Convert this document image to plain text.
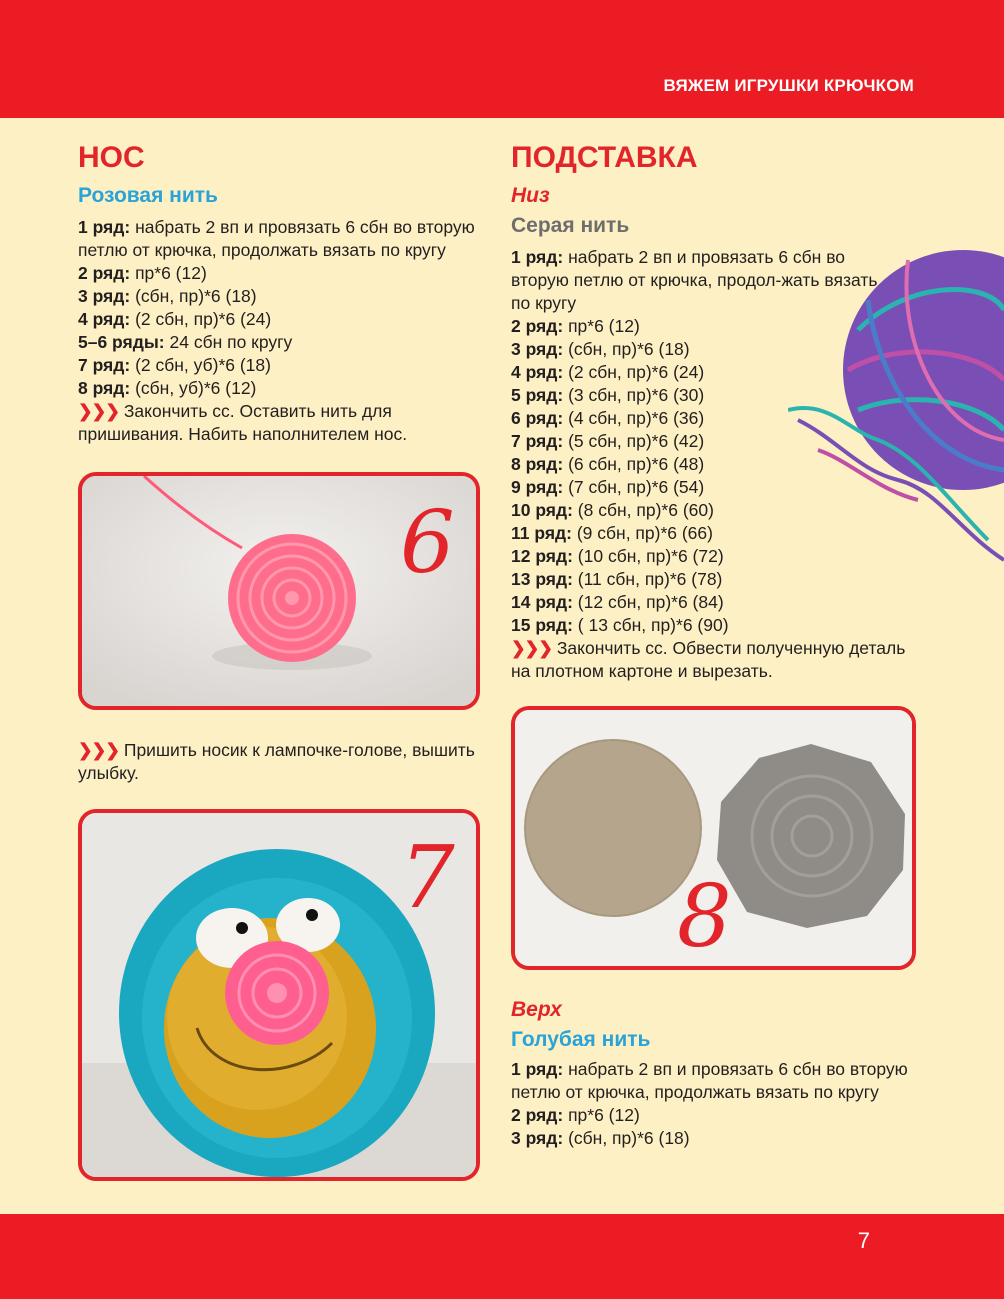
ВЯЖЕМ ИГРУШКИ КРЮЧКОМ
НОС
Розовая нить

1 ряд: набрать 2 вп и провязать 6 сбн во вторую петлю от крючка, продолжать вязать по кругу

2 ряд: пр*6 (12)

3 ряд: (сбн, пр)*6 (18)

4 ряд: (2 сбн, пр)*6 (24)

5–6 ряды: 24 сбн по кругу

7 ряд: (2 сбн, уб)*6 (18)

8 ряд: (сбн, уб)*6 (12)

❯❯❯ Закончить сс. Оставить нить для пришивания. Набить наполнителем нос.

6

❯❯❯ Пришить носик к лампочке-голове, вышить улыбку.

7
ПОДСТАВКА
Низ
Серая нить

1 ряд: набрать 2 вп и провязать 6 сбн во вторую петлю от крючка, продол-жать вязать по кругу

2 ряд: пр*6 (12)

3 ряд: (сбн, пр)*6 (18)

4 ряд: (2 сбн, пр)*6 (24)

5 ряд: (3 сбн, пр)*6 (30)

6 ряд: (4 сбн, пр)*6 (36)

7 ряд: (5 сбн, пр)*6 (42)

8 ряд: (6 сбн, пр)*6 (48)

9 ряд: (7 сбн, пр)*6 (54)

10 ряд: (8 сбн, пр)*6 (60)

11 ряд: (9 сбн, пр)*6 (66)

12 ряд: (10 сбн, пр)*6 (72)

13 ряд: (11 сбн, пр)*6 (78)

14 ряд: (12 сбн, пр)*6 (84)

15 ряд: ( 13 сбн, пр)*6 (90)

❯❯❯ Закончить сс. Обвести полученную деталь на плотном картоне и вырезать.

8
Верх
Голубая нить

1 ряд: набрать 2 вп и провязать 6 сбн во вторую петлю от крючка, продолжать вязать по кругу

2 ряд: пр*6 (12)

3 ряд: (сбн, пр)*6 (18)

7
